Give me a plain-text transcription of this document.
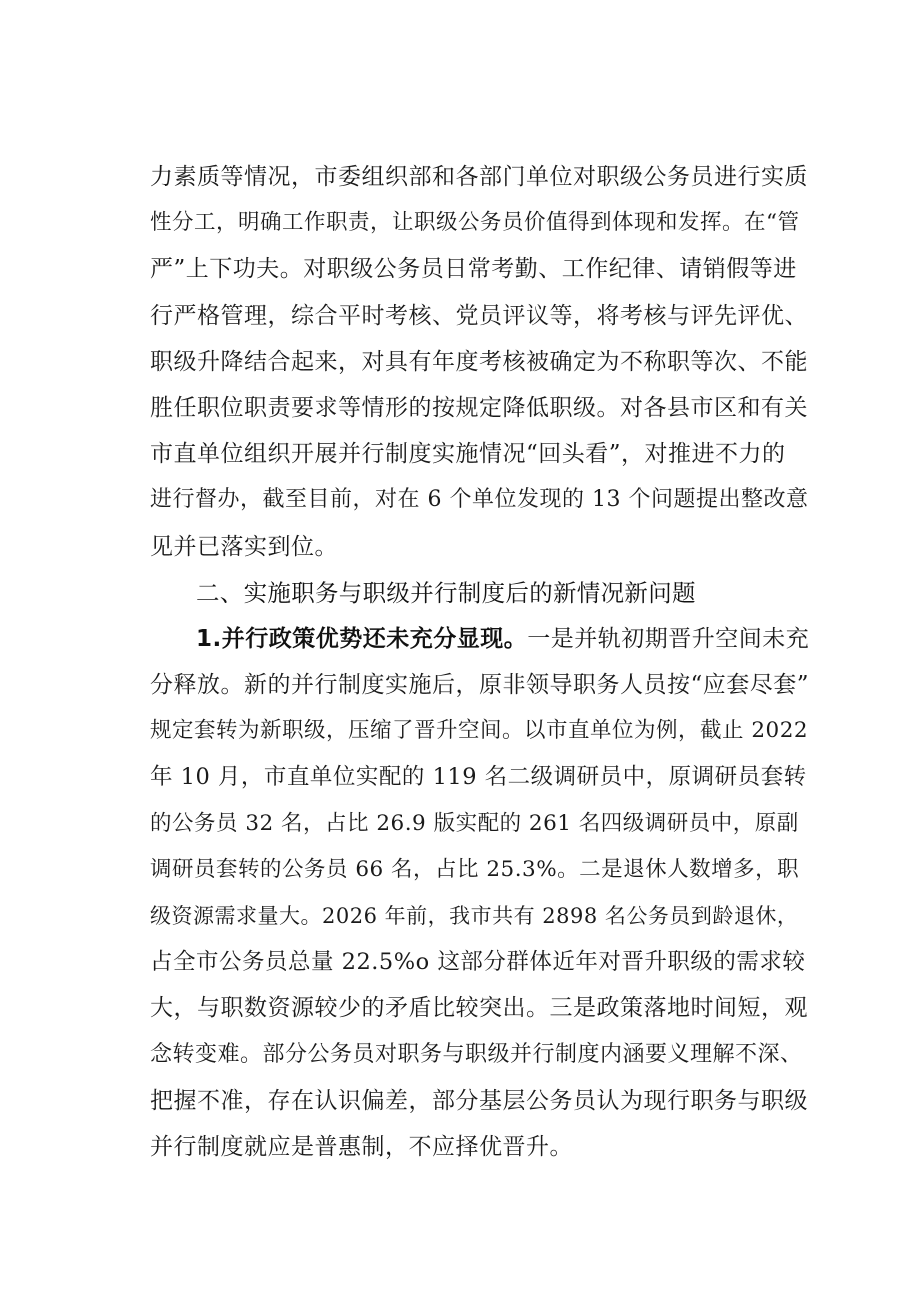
力素质等情况，市委组织部和各部门单位对职级公务员进行实质
性分工，明确工作职责，让职级公务员价值得到体现和发挥。在“管
严”上下功夫。对职级公务员日常考勤、工作纪律、请销假等进
行严格管理，综合平时考核、党员评议等，将考核与评先评优、
职级升降结合起来，对具有年度考核被确定为不称职等次、不能
胜任职位职责要求等情形的按规定降低职级。对各县市区和有关
市直单位组织开展并行制度实施情况“回头看”，对推进不力的
进行督办，截至目前，对在 6 个单位发现的 13 个问题提出整改意
见并已落实到位。
二、实施职务与职级并行制度后的新情况新问题
1.并行政策优势还未充分显现。一是并轨初期晋升空间未充
分释放。新的并行制度实施后，原非领导职务人员按“应套尽套”
规定套转为新职级，压缩了晋升空间。以市直单位为例，截止 2022
年 10 月，市直单位实配的 119 名二级调研员中，原调研员套转
的公务员 32 名，占比 26.9 版实配的 261 名四级调研员中，原副
调研员套转的公务员 66 名，占比 25.3%。二是退休人数增多，职
级资源需求量大。2026 年前，我市共有 2898 名公务员到龄退休，
占全市公务员总量 22.5%o 这部分群体近年对晋升职级的需求较
大，与职数资源较少的矛盾比较突出。三是政策落地时间短，观
念转变难。部分公务员对职务与职级并行制度内涵要义理解不深、
把握不准，存在认识偏差，部分基层公务员认为现行职务与职级
并行制度就应是普惠制，不应择优晋升。
